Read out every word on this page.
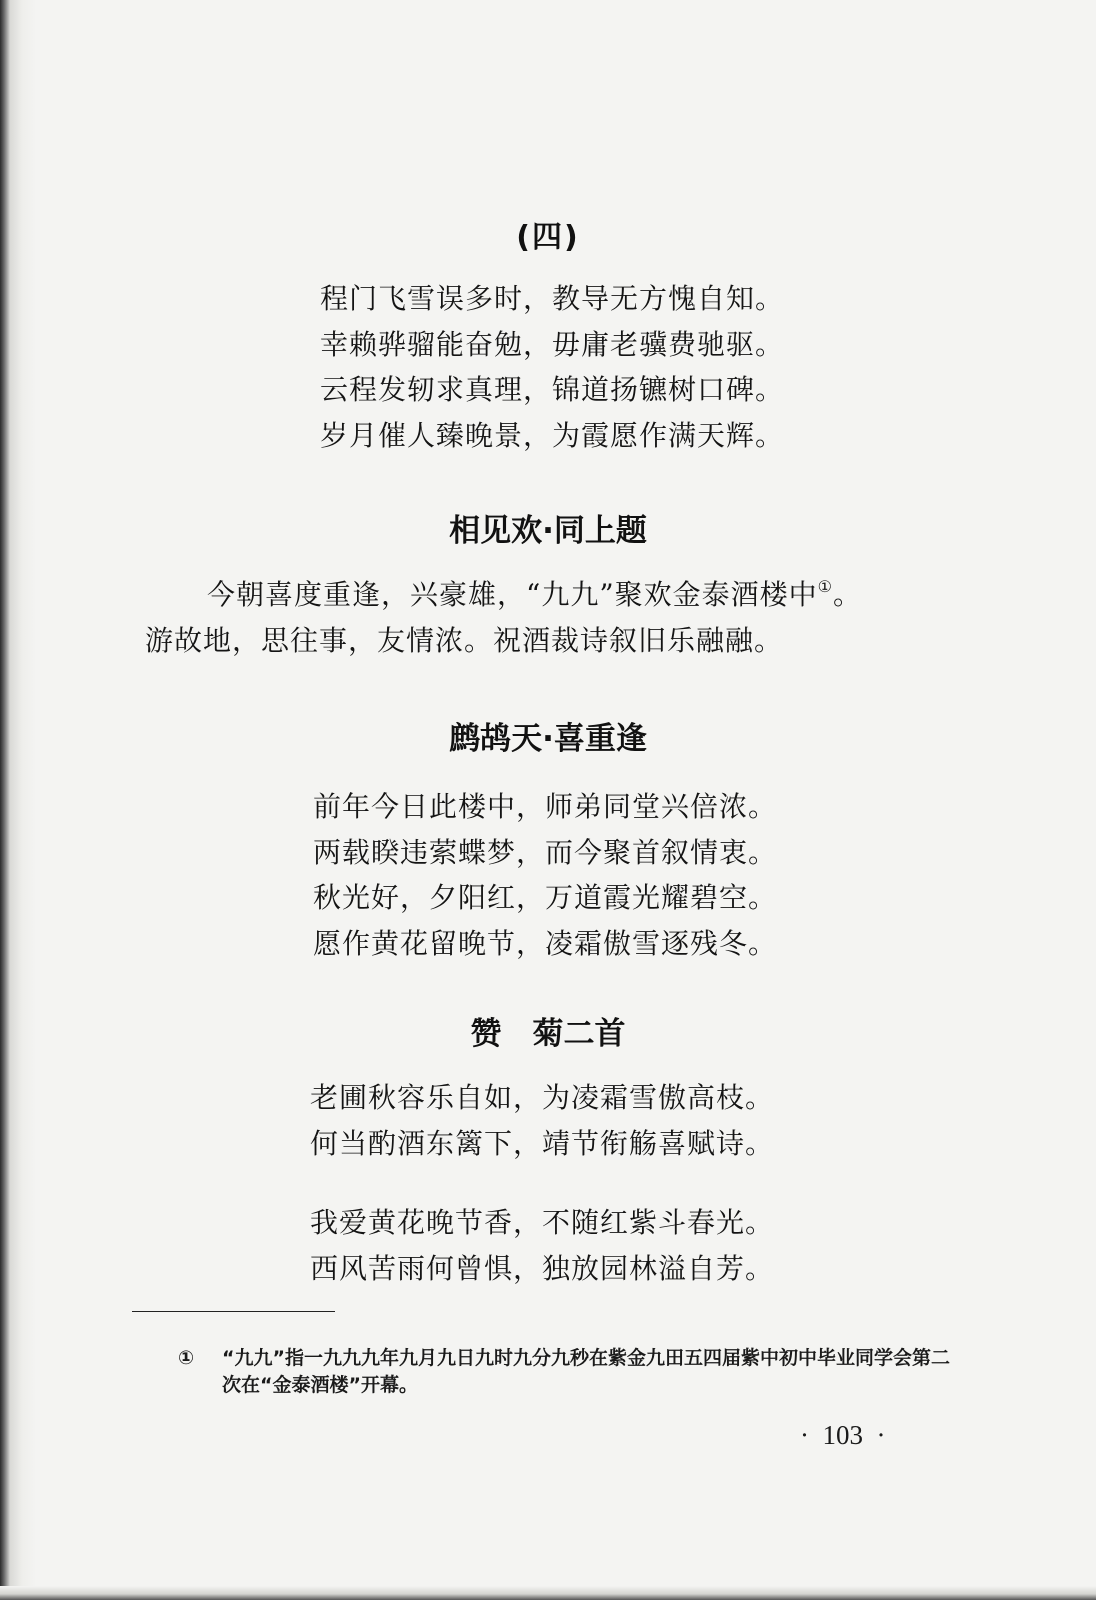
(四)
程门飞雪误多时，教导无方愧自知。
幸赖骅骝能奋勉，毋庸老骥费驰驱。
云程发轫求真理，锦道扬镳树口碑。
岁月催人臻晚景，为霞愿作满天辉。
相见欢·同上题
今朝喜度重逢，兴豪雄，“九九”聚欢金泰酒楼中①。
游故地，思往事，友情浓。祝酒裁诗叙旧乐融融。
鹧鸪天·喜重逢
前年今日此楼中，师弟同堂兴倍浓。
两载睽违萦蝶梦，而今聚首叙情衷。
秋光好，夕阳红，万道霞光耀碧空。
愿作黄花留晚节，凌霜傲雪逐残冬。
赞　菊二首
老圃秋容乐自如，为凌霜雪傲高枝。
何当酌酒东篱下，靖节衔觞喜赋诗。
我爱黄花晚节香，不随红紫斗春光。
西风苦雨何曾惧，独放园林溢自芳。
① “九九”指一九九九年九月九日九时九分九秒在紫金九田五四届紫中初中毕业同学会第二次在“金泰酒楼”开幕。
·  103  ·
